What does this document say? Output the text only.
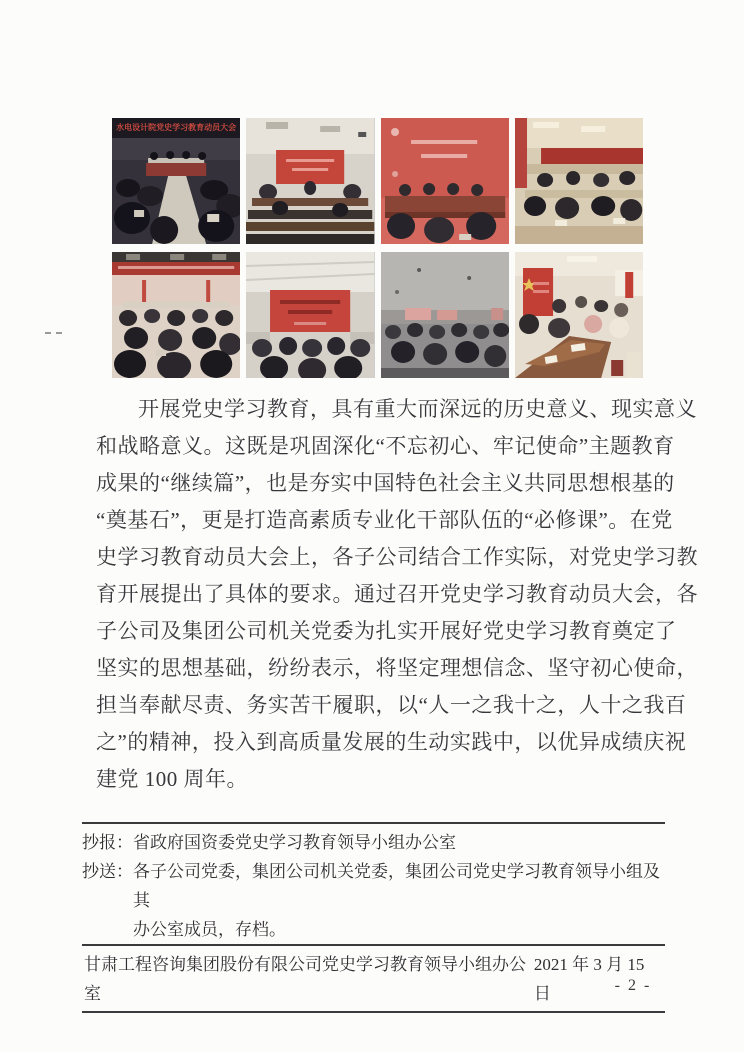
水电设计院党史学习教育动员大会
开展党史学习教育，具有重大而深远的历史意义、现实意义
和战略意义。这既是巩固深化“不忘初心、牢记使命”主题教育
成果的“继续篇”，也是夯实中国特色社会主义共同思想根基的
“奠基石”，更是打造高素质专业化干部队伍的“必修课”。在党
史学习教育动员大会上，各子公司结合工作实际，对党史学习教
育开展提出了具体的要求。通过召开党史学习教育动员大会，各
子公司及集团公司机关党委为扎实开展好党史学习教育奠定了
坚实的思想基础，纷纷表示，将坚定理想信念、坚守初心使命，
担当奉献尽责、务实苦干履职，以“人一之我十之，人十之我百
之”的精神，投入到高质量发展的生动实践中，以优异成绩庆祝
建党 100 周年。
抄报： 省政府国资委党史学习教育领导小组办公室
抄送： 各子公司党委，集团公司机关党委，集团公司党史学习教育领导小组及其
办公室成员，存档。
甘肃工程咨询集团股份有限公司党史学习教育领导小组办公室
2021 年 3 月 15 日	- 2 -
